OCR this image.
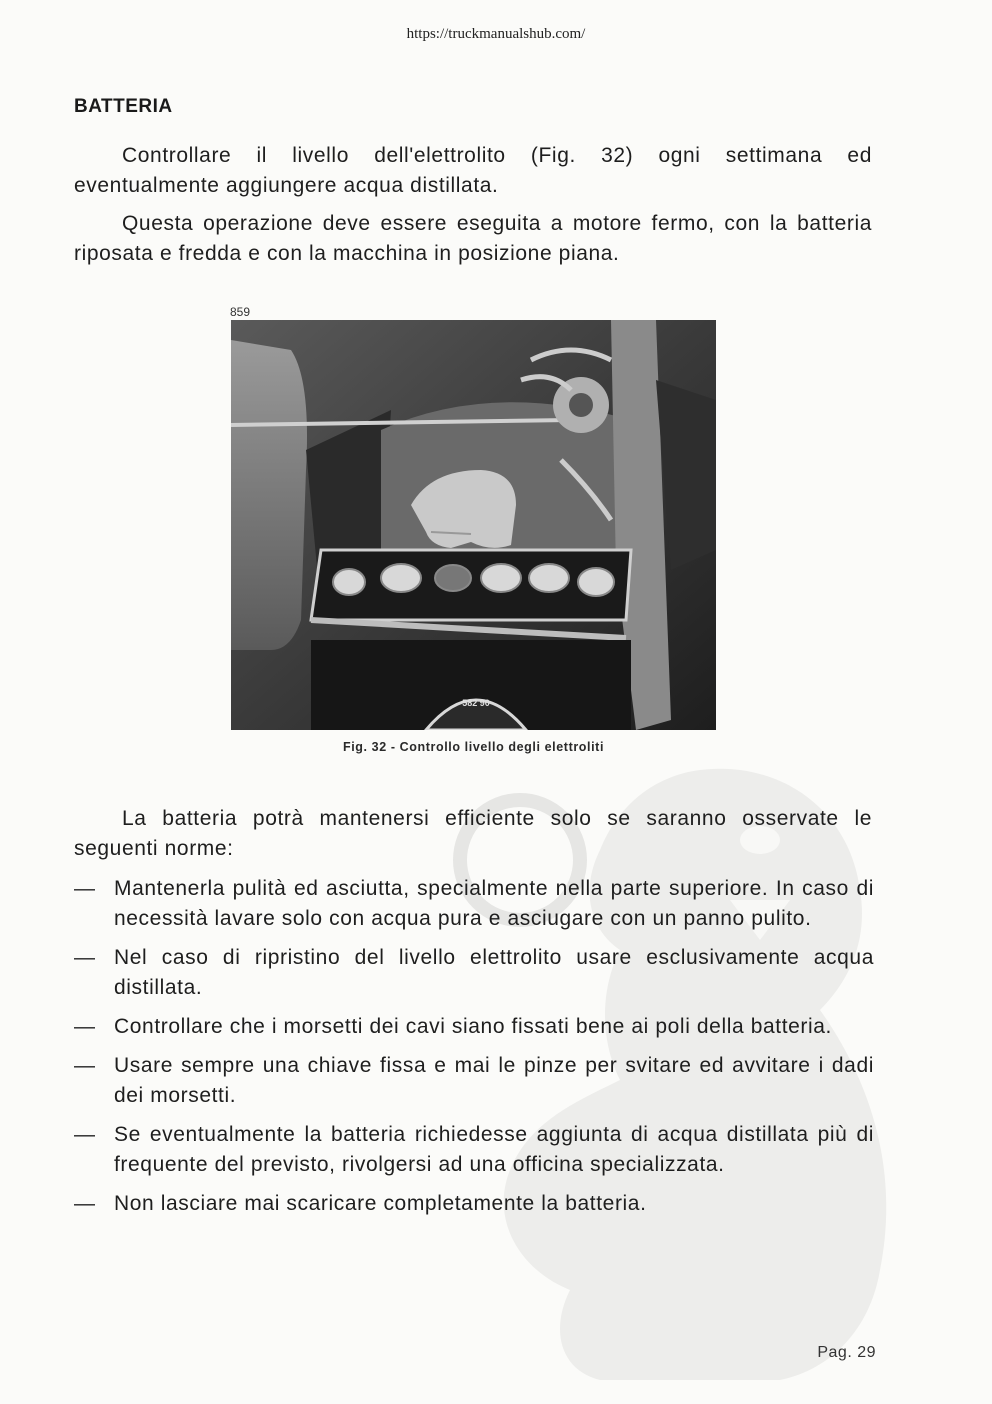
https://truckmanualshub.com/
BATTERIA

Controllare il livello dell'elettrolito (Fig. 32) ogni settimana ed eventualmente aggiungere acqua distillata.

Questa operazione deve essere eseguita a motore fermo, con la batteria riposata e fredda e con la macchina in posizione piana.

859
582 90
Fig. 32 - Controllo livello degli elettroliti

La batteria potrà mantenersi efficiente solo se saranno osservate le seguenti norme:

— Mantenerla pulità ed asciutta, specialmente nella parte superiore. In caso di necessità lavare solo con acqua pura e asciugare con un panno pulito.
— Nel caso di ripristino del livello elettrolito usare esclusivamente acqua distillata.
— Controllare che i morsetti dei cavi siano fissati bene ai poli della batteria.
— Usare sempre una chiave fissa e mai le pinze per svitare ed avvitare i dadi dei morsetti.
— Se eventualmente la batteria richiedesse aggiunta di acqua distillata più di frequente del previsto, rivolgersi ad una officina specializzata.
— Non lasciare mai scaricare completamente la batteria.
Pag. 29
